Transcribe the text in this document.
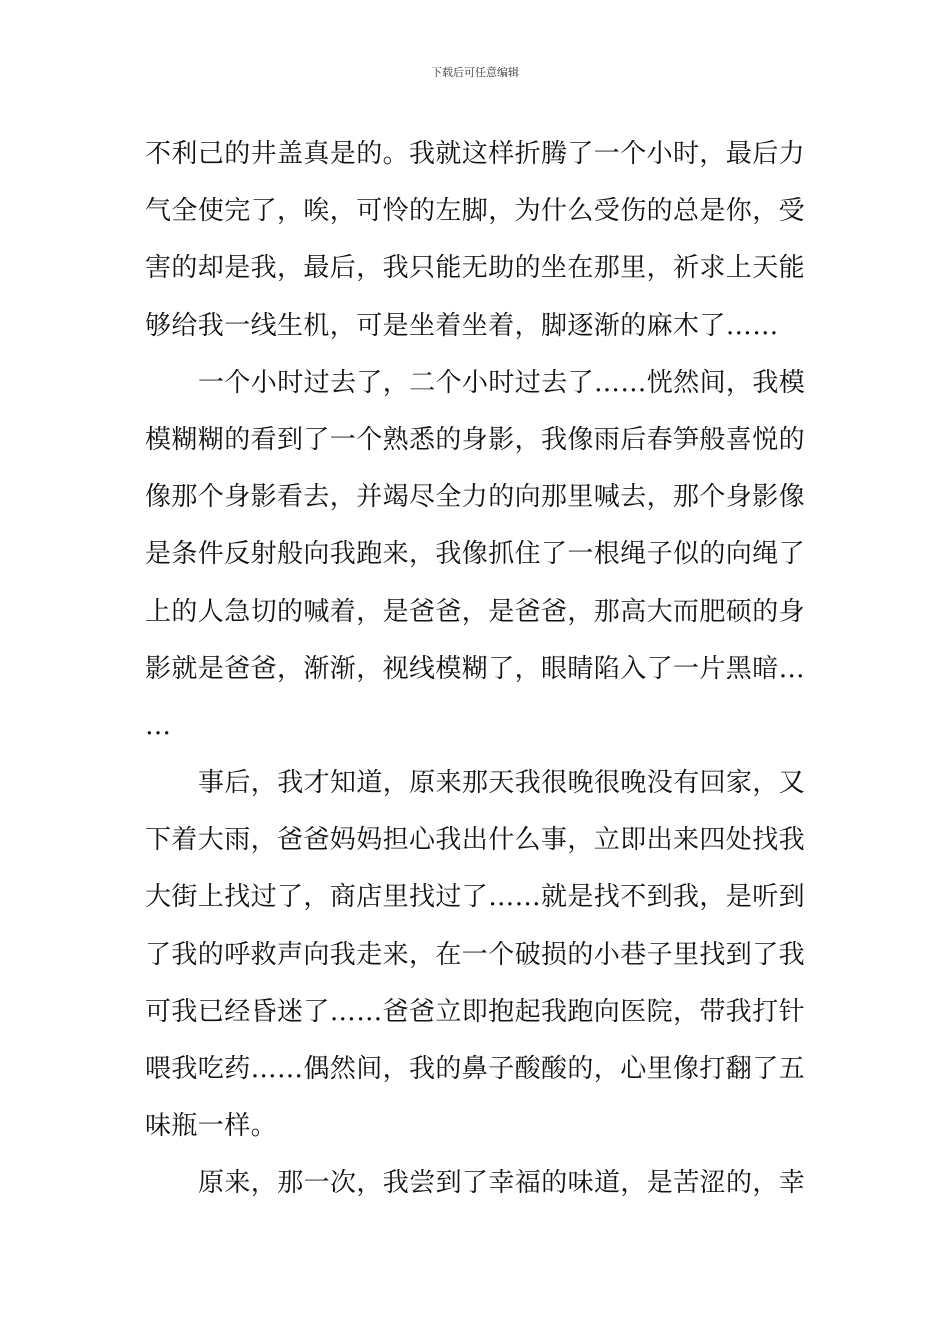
下载后可任意编辑
不利己的井盖真是的。我就这样折腾了一个小时，最后力
气全使完了，唉，可怜的左脚，为什么受伤的总是你，受
害的却是我，最后，我只能无助的坐在那里，祈求上天能
够给我一线生机，可是坐着坐着，脚逐渐的麻木了……
一个小时过去了，二个小时过去了……恍然间，我模
模糊糊的看到了一个熟悉的身影，我像雨后春笋般喜悦的
像那个身影看去，并竭尽全力的向那里喊去，那个身影像
是条件反射般向我跑来，我像抓住了一根绳子似的向绳了
上的人急切的喊着，是爸爸，是爸爸，那高大而肥硕的身
影就是爸爸，渐渐，视线模糊了，眼睛陷入了一片黑暗…
…
事后，我才知道，原来那天我很晚很晚没有回家，又
下着大雨，爸爸妈妈担心我出什么事，立即出来四处找我
大街上找过了，商店里找过了……就是找不到我，是听到
了我的呼救声向我走来，在一个破损的小巷子里找到了我
可我已经昏迷了……爸爸立即抱起我跑向医院，带我打针
喂我吃药……偶然间，我的鼻子酸酸的，心里像打翻了五
味瓶一样。
原来，那一次，我尝到了幸福的味道，是苦涩的，幸
